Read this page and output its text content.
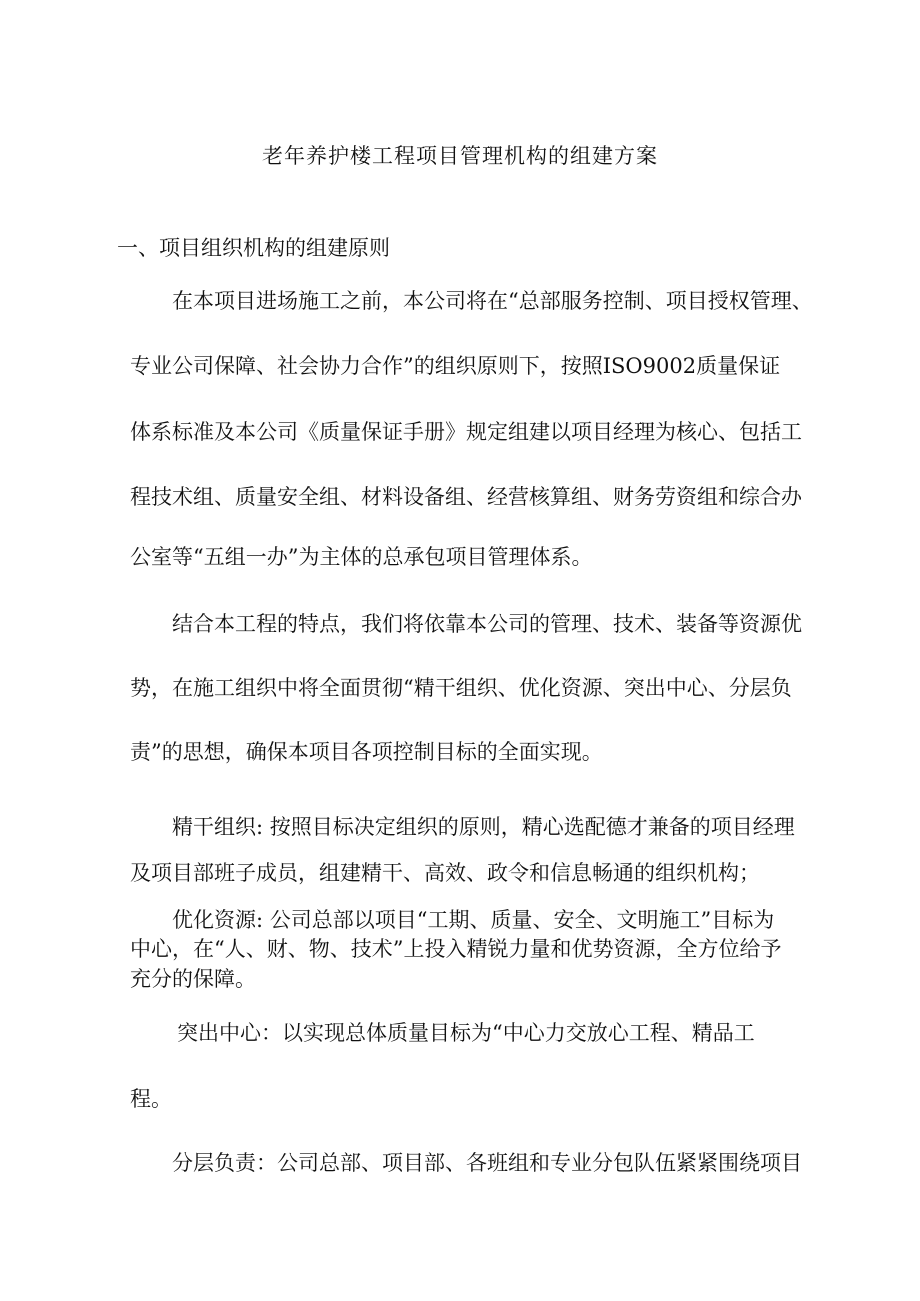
老年养护楼工程项目管理机构的组建方案
一、项目组织机构的组建原则

在本项目进场施工之前，本公司将在“总部服务控制、项目授权管理、

专业公司保障、社会协力合作”的组织原则下，按照ISO9002质量保证

体系标准及本公司《质量保证手册》规定组建以项目经理为核心、包括工

程技术组、质量安全组、材料设备组、经营核算组、财务劳资组和综合办

公室等“五组一办”为主体的总承包项目管理体系。

结合本工程的特点，我们将依靠本公司的管理、技术、装备等资源优

势，在施工组织中将全面贯彻“精干组织、优化资源、突出中心、分层负

责”的思想，确保本项目各项控制目标的全面实现。

精干组织: 按照目标决定组织的原则，精心选配德才兼备的项目经理

及项目部班子成员，组建精干、高效、政令和信息畅通的组织机构；

优化资源: 公司总部以项目“工期、质量、安全、文明施工”目标为

中心，在“人、财、物、技术”上投入精锐力量和优势资源，全方位给予

充分的保障。

突出中心：以实现总体质量目标为“中心力交放心工程、精品工

程。

分层负责：公司总部、项目部、各班组和专业分包队伍紧紧围绕项目
